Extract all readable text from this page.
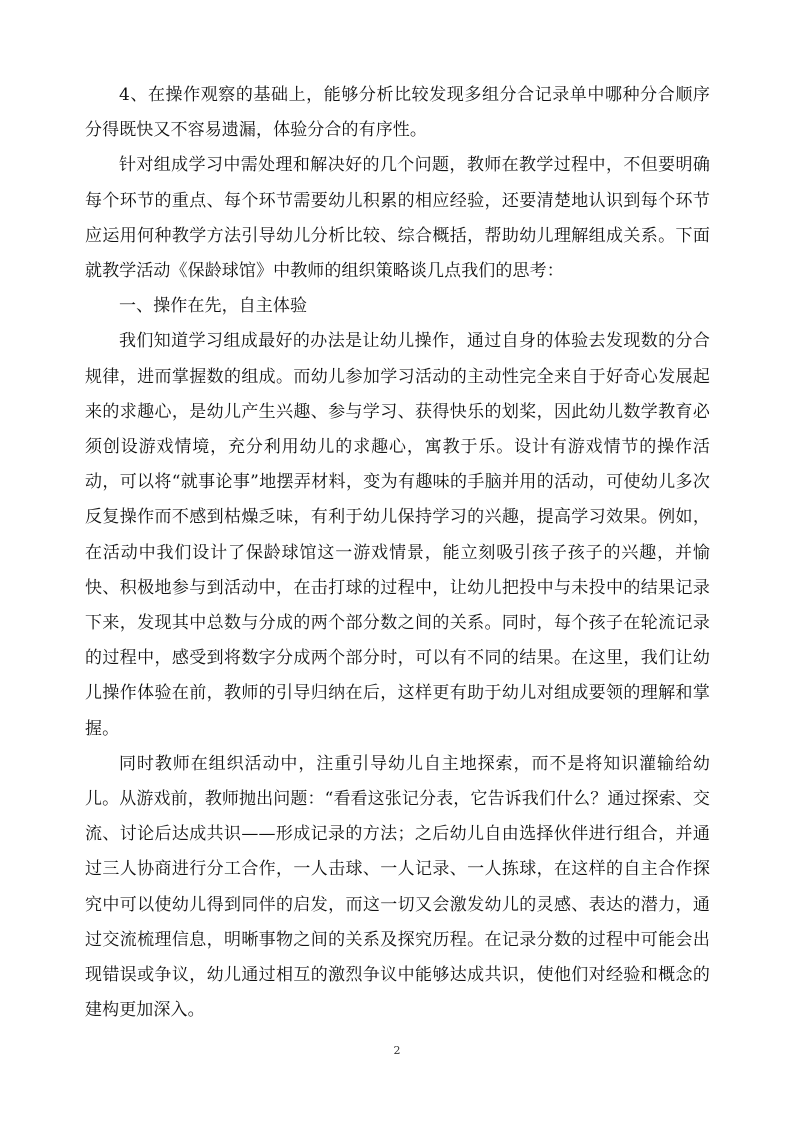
4、在操作观察的基础上，能够分析比较发现多组分合记录单中哪种分合顺序分得既快又不容易遗漏，体验分合的有序性。

针对组成学习中需处理和解决好的几个问题，教师在教学过程中，不但要明确每个环节的重点、每个环节需要幼儿积累的相应经验，还要清楚地认识到每个环节应运用何种教学方法引导幼儿分析比较、综合概括，帮助幼儿理解组成关系。下面就教学活动《保龄球馆》中教师的组织策略谈几点我们的思考：

一、操作在先，自主体验

我们知道学习组成最好的办法是让幼儿操作，通过自身的体验去发现数的分合规律，进而掌握数的组成。而幼儿参加学习活动的主动性完全来自于好奇心发展起来的求趣心，是幼儿产生兴趣、参与学习、获得快乐的划桨，因此幼儿数学教育必须创设游戏情境，充分利用幼儿的求趣心，寓教于乐。设计有游戏情节的操作活动，可以将“就事论事”地摆弄材料，变为有趣味的手脑并用的活动，可使幼儿多次反复操作而不感到枯燥乏味，有利于幼儿保持学习的兴趣，提高学习效果。例如，在活动中我们设计了保龄球馆这一游戏情景，能立刻吸引孩子孩子的兴趣，并愉快、积极地参与到活动中，在击打球的过程中，让幼儿把投中与未投中的结果记录下来，发现其中总数与分成的两个部分数之间的关系。同时，每个孩子在轮流记录的过程中，感受到将数字分成两个部分时，可以有不同的结果。在这里，我们让幼儿操作体验在前，教师的引导归纳在后，这样更有助于幼儿对组成要领的理解和掌握。

同时教师在组织活动中，注重引导幼儿自主地探索，而不是将知识灌输给幼儿。从游戏前，教师抛出问题：“看看这张记分表，它告诉我们什么？通过探索、交流、讨论后达成共识——形成记录的方法；之后幼儿自由选择伙伴进行组合，并通过三人协商进行分工合作，一人击球、一人记录、一人拣球，在这样的自主合作探究中可以使幼儿得到同伴的启发，而这一切又会激发幼儿的灵感、表达的潜力，通过交流梳理信息，明晰事物之间的关系及探究历程。在记录分数的过程中可能会出现错误或争议，幼儿通过相互的激烈争议中能够达成共识，使他们对经验和概念的建构更加深入。

2
